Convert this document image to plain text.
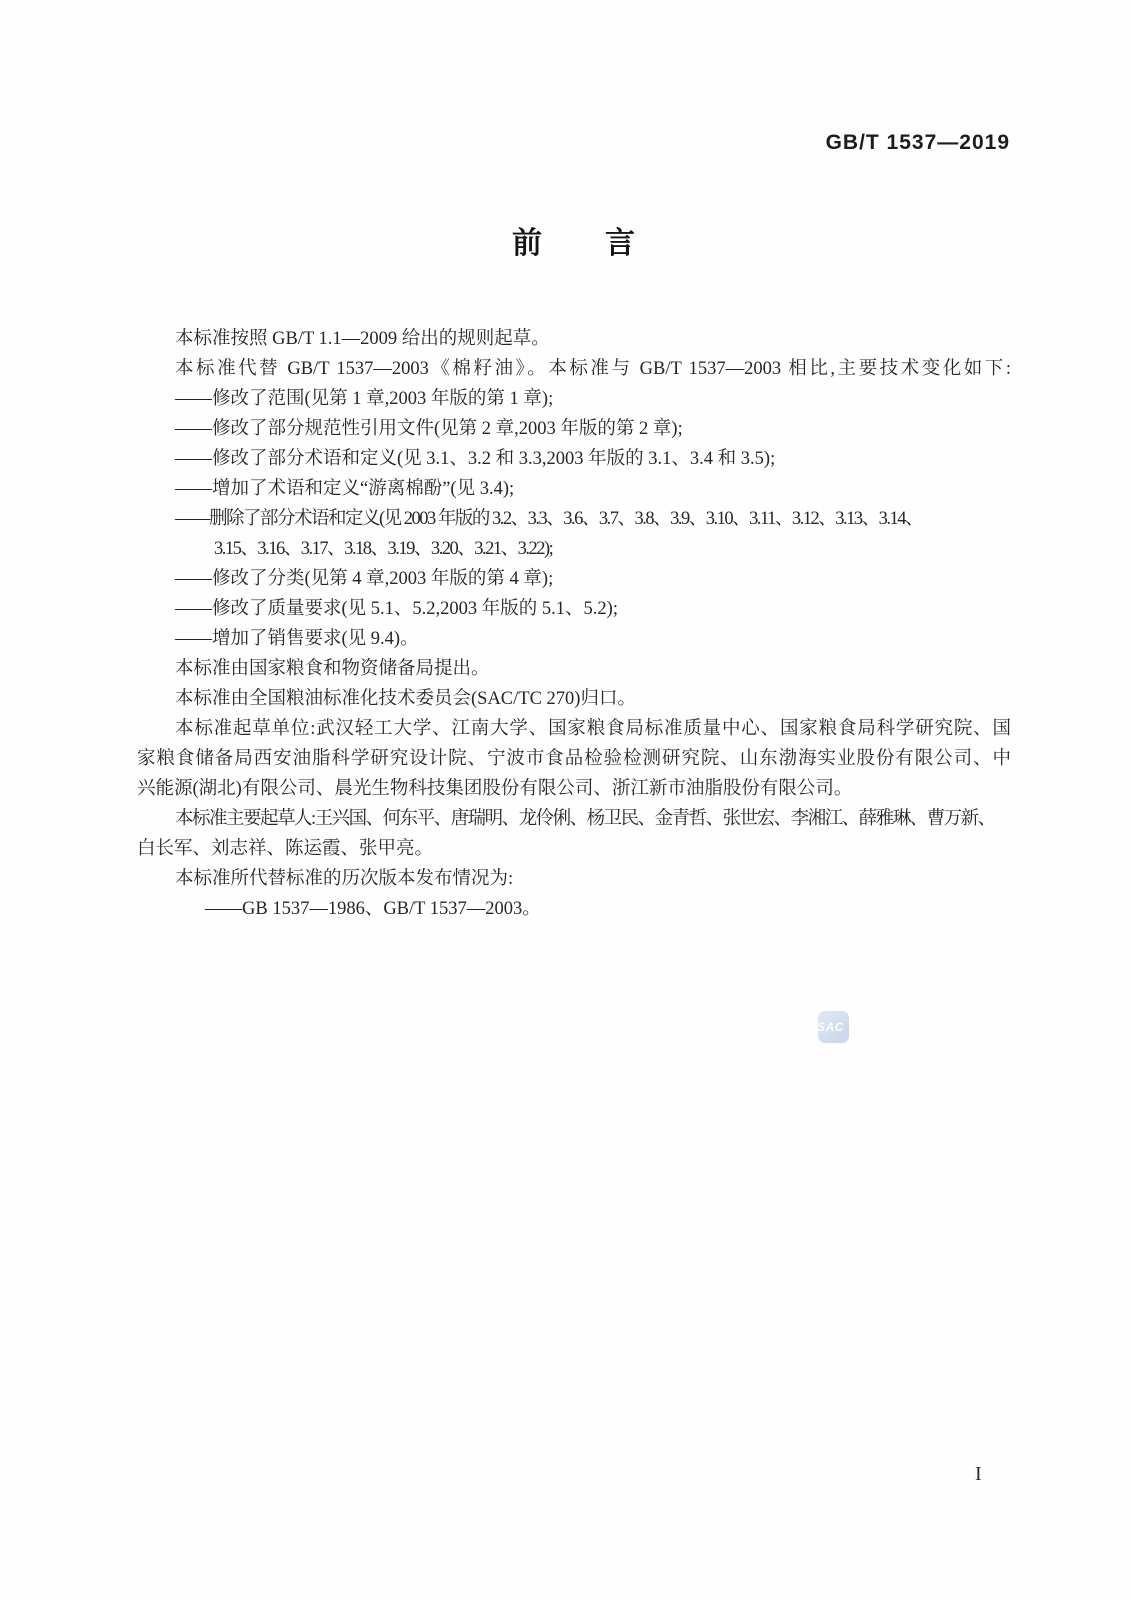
GB/T 1537—2019
前　　言
本标准按照 GB/T 1.1—2009 给出的规则起草。
本标准代替 GB/T 1537—2003《棉籽油》。本标准与 GB/T 1537—2003 相比,主要技术变化如下:
——修改了范围(见第 1 章,2003 年版的第 1 章);
——修改了部分规范性引用文件(见第 2 章,2003 年版的第 2 章);
——修改了部分术语和定义(见 3.1、3.2 和 3.3,2003 年版的 3.1、3.4 和 3.5);
——增加了术语和定义“游离棉酚”(见 3.4);
——删除了部分术语和定义(见 2003 年版的 3.2、3.3、3.6、3.7、3.8、3.9、3.10、3.11、3.12、3.13、3.14、
3.15、3.16、3.17、3.18、3.19、3.20、3.21、3.22);
——修改了分类(见第 4 章,2003 年版的第 4 章);
——修改了质量要求(见 5.1、5.2,2003 年版的 5.1、5.2);
——增加了销售要求(见 9.4)。
本标准由国家粮食和物资储备局提出。
本标准由全国粮油标准化技术委员会(SAC/TC 270)归口。
本标准起草单位:武汉轻工大学、江南大学、国家粮食局标准质量中心、国家粮食局科学研究院、国
家粮食储备局西安油脂科学研究设计院、宁波市食品检验检测研究院、山东渤海实业股份有限公司、中
兴能源(湖北)有限公司、晨光生物科技集团股份有限公司、浙江新市油脂股份有限公司。
本标准主要起草人:王兴国、何东平、唐瑞明、龙伶俐、杨卫民、金青哲、张世宏、李湘江、薛雅琳、曹万新、
白长军、刘志祥、陈运霞、张甲亮。
本标准所代替标准的历次版本发布情况为:
——GB 1537—1986、GB/T 1537—2003。
SAC
I
